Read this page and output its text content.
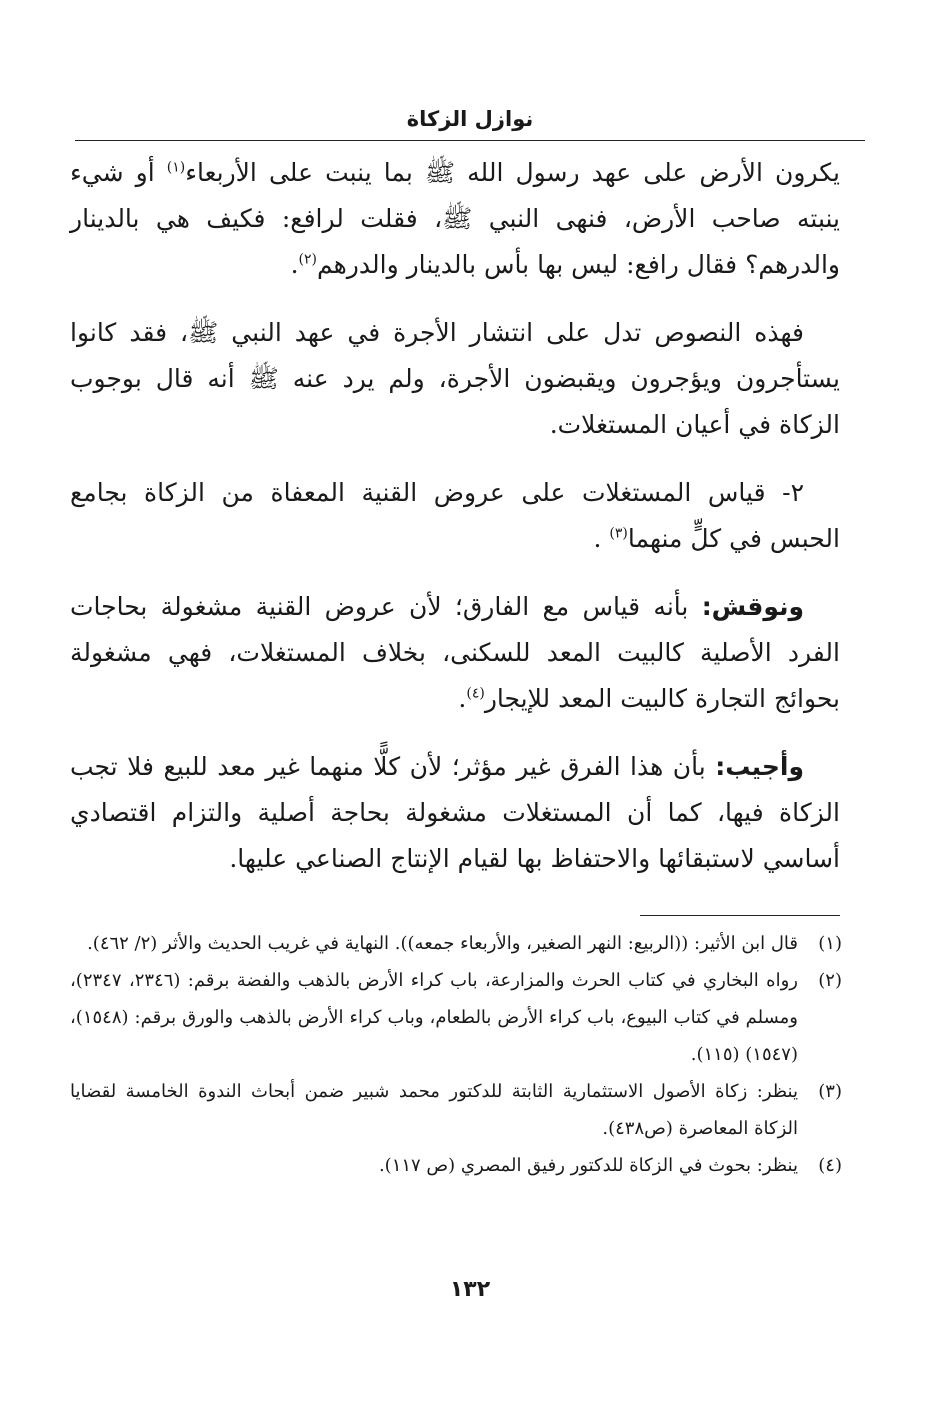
نوازل الزكاة

يكرون الأرض على عهد رسول الله ﷺ بما ينبت على الأربعاء$^{(١)}$ أو شيء ينبته صاحب الأرض، فنهى النبي ﷺ، فقلت لرافع: فكيف هي بالدينار والدرهم؟ فقال رافع: ليس بها بأس بالدينار والدرهم$^{(٢)}$.

فهذه النصوص تدل على انتشار الأجرة في عهد النبي ﷺ، فقد كانوا يستأجرون ويؤجرون ويقبضون الأجرة، ولم يرد عنه ﷺ أنه قال بوجوب الزكاة في أعيان المستغلات.

٢- قياس المستغلات على عروض القنية المعفاة من الزكاة بجامع الحبس في كلٍّ منهما$^{(٣)}$ .

ونوقش: بأنه قياس مع الفارق؛ لأن عروض القنية مشغولة بحاجات الفرد الأصلية كالبيت المعد للسكنى، بخلاف المستغلات، فهي مشغولة بحوائج التجارة كالبيت المعد للإيجار$^{(٤)}$.

وأجيب: بأن هذا الفرق غير مؤثر؛ لأن كلًّا منهما غير معد للبيع فلا تجب الزكاة فيها، كما أن المستغلات مشغولة بحاجة أصلية والتزام اقتصادي أساسي لاستبقائها والاحتفاظ بها لقيام الإنتاج الصناعي عليها.

(١)
قال ابن الأثير: ((الربيع: النهر الصغير، والأربعاء جمعه)). النهاية في غريب الحديث والأثر (٢/ ٤٦٢).
(٢)
رواه البخاري في كتاب الحرث والمزارعة، باب كراء الأرض بالذهب والفضة برقم: (٢٣٤٦، ٢٣٤٧)، ومسلم في كتاب البيوع، باب كراء الأرض بالطعام، وباب كراء الأرض بالذهب والورق برقم: (١٥٤٨)، (١٥٤٧) (١١٥).
(٣)
ينظر: زكاة الأصول الاستثمارية الثابتة للدكتور محمد شبير ضمن أبحاث الندوة الخامسة لقضايا الزكاة المعاصرة (ص٤٣٨).
(٤)
ينظر: بحوث في الزكاة للدكتور رفيق المصري (ص ١١٧).
١٣٢
